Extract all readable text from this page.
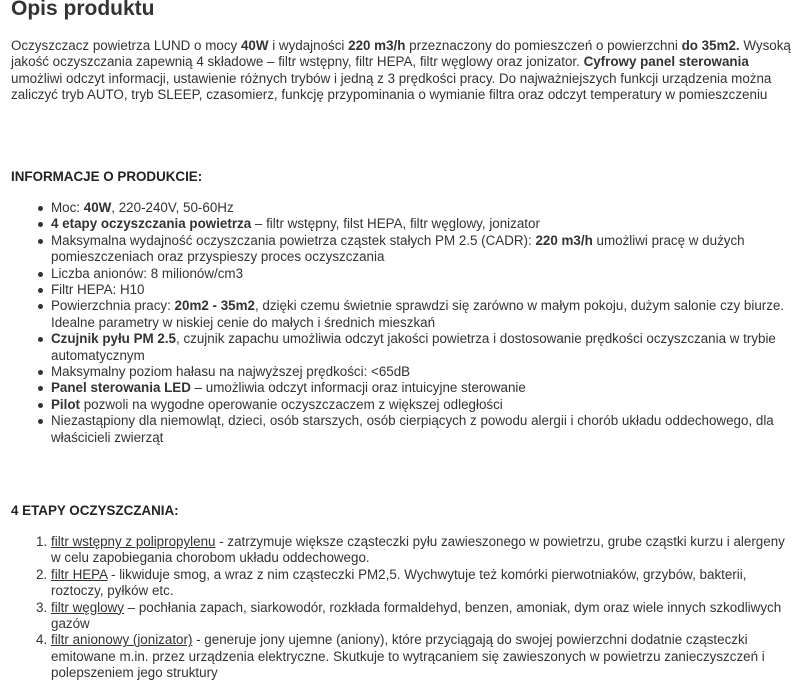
Opis produktu

Oczyszczacz powietrza LUND o mocy 40W i wydajności 220 m3/h przeznaczony do pomieszczeń o powierzchni do 35m2. Wysoką jakość oczyszczania zapewnią 4 składowe – filtr wstępny, filtr HEPA, filtr węglowy oraz jonizator. Cyfrowy panel sterowania umożliwi odczyt informacji, ustawienie różnych trybów i jedną z 3 prędkości pracy. Do najważniejszych funkcji urządzenia można zaliczyć tryb AUTO, tryb SLEEP, czasomierz, funkcję przypominania o wymianie filtra oraz odczyt temperatury w pomieszczeniu

INFORMACJE O PRODUKCIE:
Moc: 40W, 220-240V, 50-60Hz
4 etapy oczyszczania powietrza – filtr wstępny, filst HEPA, filtr węglowy, jonizator
Maksymalna wydajność oczyszczania powietrza cząstek stałych PM 2.5 (CADR): 220 m3/h umożliwi pracę w dużych pomieszczeniach oraz przyspieszy proces oczyszczania
Liczba anionów: 8 milionów/cm3
Filtr HEPA: H10
Powierzchnia pracy: 20m2 - 35m2, dzięki czemu świetnie sprawdzi się zarówno w małym pokoju, dużym salonie czy biurze. Idealne parametry w niskiej cenie do małych i średnich mieszkań
Czujnik pyłu PM 2.5, czujnik zapachu umożliwia odczyt jakości powietrza i dostosowanie prędkości oczyszczania w trybie automatycznym
Maksymalny poziom hałasu na najwyższej prędkości: <65dB
Panel sterowania LED – umożliwia odczyt informacji oraz intuicyjne sterowanie
Pilot pozwoli na wygodne operowanie oczyszczaczem z większej odległości
Niezastąpiony dla niemowląt, dzieci, osób starszych, osób cierpiących z powodu alergii i chorób układu oddechowego, dla właścicieli zwierząt
4 ETAPY OCZYSZCZANIA:
1. filtr wstępny z polipropylenu - zatrzymuje większe cząsteczki pyłu zawieszonego w powietrzu, grube cząstki kurzu i alergeny w celu zapobiegania chorobom układu oddechowego.
2. filtr HEPA - likwiduje smog, a wraz z nim cząsteczki PM2,5. Wychwytuje też komórki pierwotniaków, grzybów, bakterii, roztoczy, pyłków etc.
3. filtr węglowy – pochłania zapach, siarkowodór, rozkłada formaldehyd, benzen, amoniak, dym oraz wiele innych szkodliwych gazów
4. filtr anionowy (jonizator) - generuje jony ujemne (aniony), które przyciągają do swojej powierzchni dodatnie cząsteczki emitowane m.in. przez urządzenia elektryczne. Skutkuje to wytrącaniem się zawieszonych w powietrzu zanieczyszczeń i polepszeniem jego struktury
